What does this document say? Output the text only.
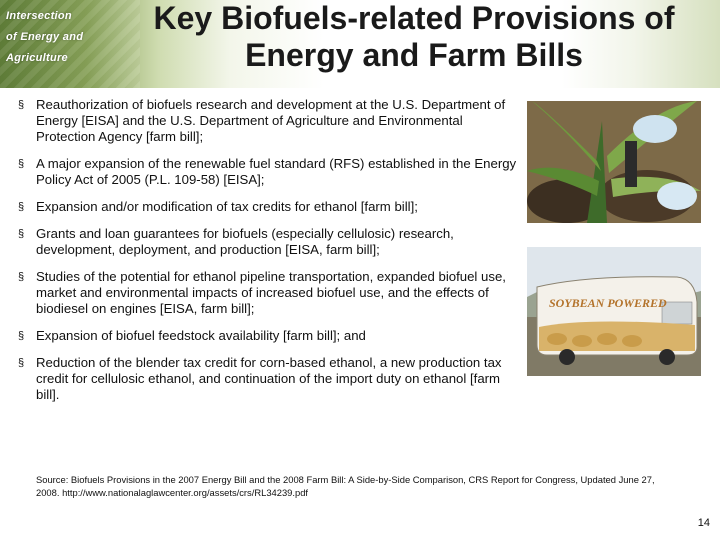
Intersection
of Energy and
Agriculture
Key Biofuels-related Provisions of
Energy and Farm Bills
§ Reauthorization of biofuels research and development at the U.S. Department of Energy [EISA] and the U.S. Department of Agriculture and Environmental Protection Agency [farm bill];
§ A major expansion of the renewable fuel standard (RFS) established in the Energy Policy Act of 2005 (P.L. 109-58) [EISA];
§ Expansion and/or modification of tax credits for ethanol [farm bill];
§ Grants and loan guarantees for biofuels (especially cellulosic) research, development, deployment, and production [EISA, farm bill];
§ Studies of the potential for ethanol pipeline transportation, expanded biofuel use, market and environmental impacts of increased biofuel use, and the effects of biodiesel on engines [EISA, farm bill];
§ Expansion of biofuel feedstock availability [farm bill]; and
§ Reduction of the blender tax credit for corn-based ethanol, a new production tax credit for cellulosic ethanol, and continuation of the import duty on ethanol [farm bill].
SOYBEAN POWERED
Source: Biofuels Provisions in the 2007 Energy Bill and the 2008 Farm Bill: A Side-by-Side Comparison, CRS Report for Congress, Updated June 27, 2008. http://www.nationalaglawcenter.org/assets/crs/RL34239.pdf
14
